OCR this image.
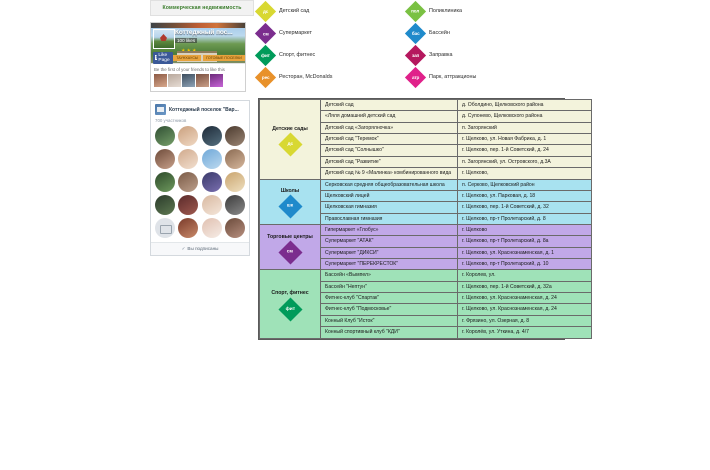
Коммерческая недвижимость
Коттеджный пос...
100 likes
f Like Page	ТАУНХАУСЫ	ГОТОВЫЕ ПОСЕЛКИ
Be the first of your friends to like this
Коттеджный поселок "Вар...
700 участников
✓ Вы подписаны
дс Детский сад	пол Поликлиника
см Супермаркет	бас Бассейн
фит Спорт, фитнес	зап Заправка
рес Ресторан, McDonalds	атр Парк, аттракционы
Детские сады
дс	Детский сад	д. Оболдино, Щелковского района
	«Ляля домашний детский сад	д. Супонево, Щелковского района
	Детский сад «Загорялночка»	п. Загорянский
	Детский сад "Теремок"	г. Щелково, ул. Новая Фабрика, д. 1
	Детский сад "Солнышко"	г. Щелково, пер. 1-й Советский, д. 24
	Детский сад "Развитие"	п. Загорянский, ул. Островского, д.3А
	Детский сад № 9 «Малинка» комбинированного вида	г. Щелково,

Школы
шк	Серковская средняя общеобразовательная школа	п. Серково, Щелковский район
	Щелковский лицей	г. Щелково, ул. Парковая, д. 18
	Щелковская гимназия	г. Щелково, пер. 1-й Советский, д. 32
	Православная гимназия	г. Щелково, пр-т Пролетарский, д. 8

Торговые центры
см	Гипермаркет «Глобус»	г. Щелково
	Супермаркет "АТАК"	г. Щелково, пр-т Пролетарский, д. 8а
	Супермаркет "ДИКСИ"	г. Щелково, ул. Краснознаменская, д. 1
	Супермаркет "ПЕРЕКРЕСТОК"	г. Щелково, пр-т Пролетарский, д. 10

Спорт, фитнес
фит	Бассейн «Вымпел»	г. Королев, ул.
	Бассейн "Нептун"	г. Щелково, пер. 1-й Советский, д. 32а
	Фитнес-клуб "Спартак"	г. Щелково, ул. Краснознаменская, д. 24
	Фитнес-клуб "Подмосковье"	г. Щелково, ул. Краснознаменская, д. 24
	Конный Клуб "Исток"	г. Фрязино, ул. Озерная, д. 8
	Конный спортивный клуб "КДИ"	г. Королёв, ул. Уткина, д. 4/7
